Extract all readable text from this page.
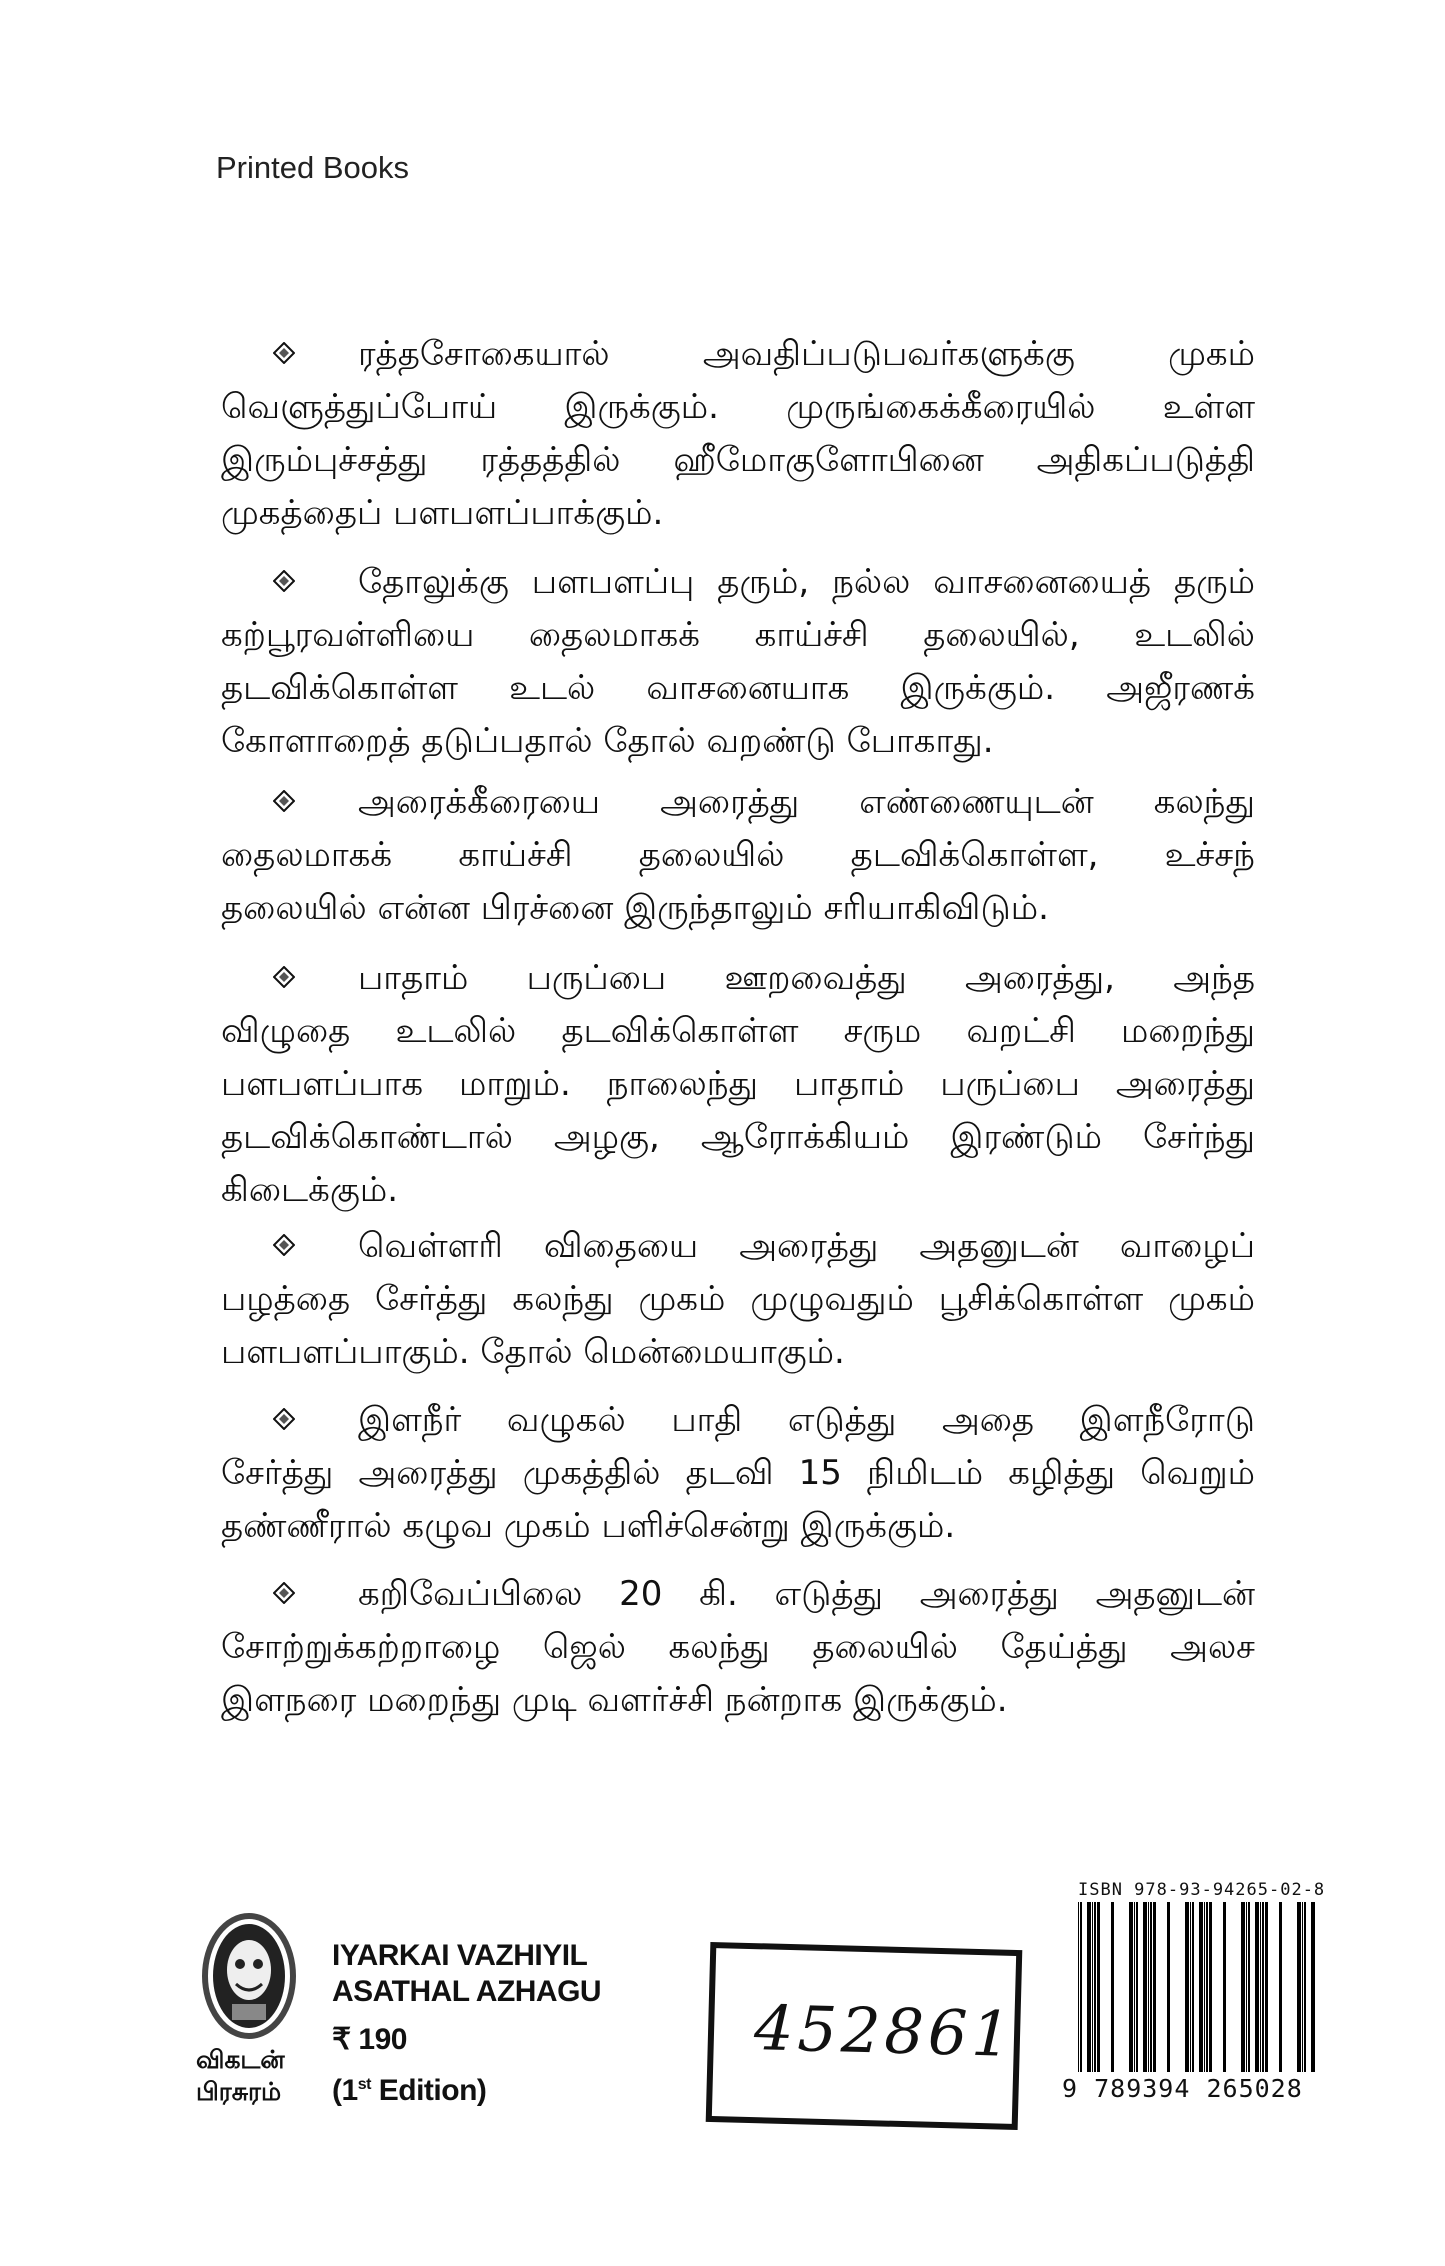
Printed Books
ரத்தசோகையால் அவதிப்படுபவர்களுக்கு முகம்
வெளுத்துப்போய் இருக்கும். முருங்கைக்கீரையில் உள்ள
இரும்புச்சத்து ரத்தத்தில் ஹீமோகுளோபினை அதிகப்படுத்தி
முகத்தைப் பளபளப்பாக்கும்.
தோலுக்கு பளபளப்பு தரும், நல்ல வாசனையைத் தரும்
கற்பூரவள்ளியை தைலமாகக் காய்ச்சி தலையில், உடலில்
தடவிக்கொள்ள உடல் வாசனையாக இருக்கும். அஜீரணக்
கோளாறைத் தடுப்பதால் தோல் வறண்டு போகாது.
அரைக்கீரையை அரைத்து எண்ணையுடன் கலந்து
தைலமாகக் காய்ச்சி தலையில் தடவிக்கொள்ள, உச்சந்
தலையில் என்ன பிரச்னை இருந்தாலும் சரியாகிவிடும்.
பாதாம் பருப்பை ஊறவைத்து அரைத்து, அந்த
விழுதை உடலில் தடவிக்கொள்ள சரும வறட்சி மறைந்து
பளபளப்பாக மாறும். நாலைந்து பாதாம் பருப்பை அரைத்து
தடவிக்கொண்டால் அழகு, ஆரோக்கியம் இரண்டும் சேர்ந்து
கிடைக்கும்.
வெள்ளரி விதையை அரைத்து அதனுடன் வாழைப்
பழத்தை சேர்த்து கலந்து முகம் முழுவதும் பூசிக்கொள்ள முகம்
பளபளப்பாகும். தோல் மென்மையாகும்.
இளநீர் வழுகல் பாதி எடுத்து அதை இளநீரோடு
சேர்த்து அரைத்து முகத்தில் தடவி 15 நிமிடம் கழித்து வெறும்
தண்ணீரால் கழுவ முகம் பளிச்சென்று இருக்கும்.
கறிவேப்பிலை 20 கி. எடுத்து அரைத்து அதனுடன்
சோற்றுக்கற்றாழை ஜெல் கலந்து தலையில் தேய்த்து அலச
இளநரை மறைந்து முடி வளர்ச்சி நன்றாக இருக்கும்.
விகடன்
பிரசுரம்
IYARKAI VAZHIYIL
ASATHAL AZHAGU
₹ 190
(1st Edition)
452861
ISBN 978-93-94265-02-8
9 789394 265028
